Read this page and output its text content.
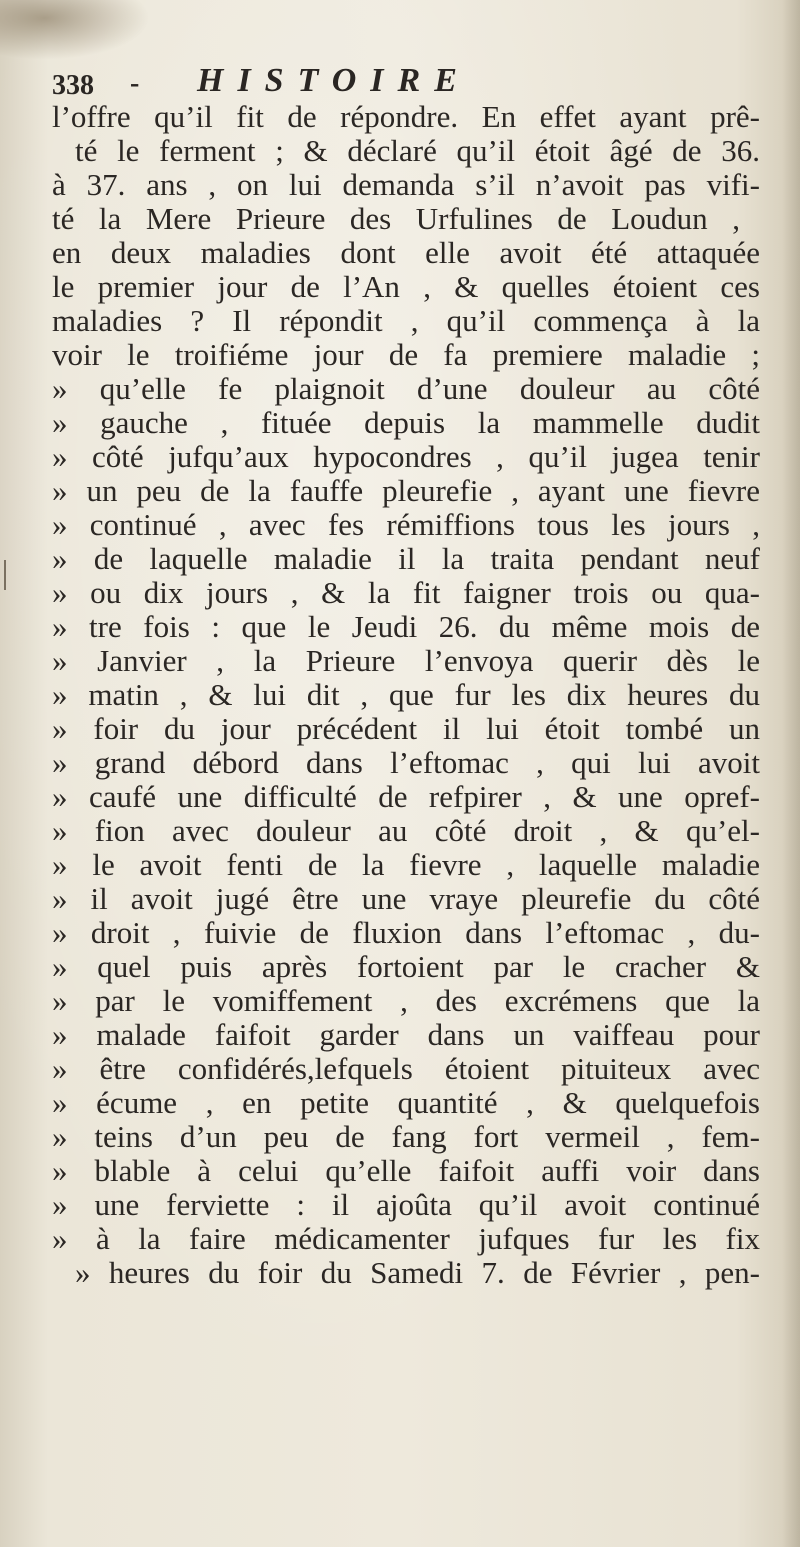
338 - HISTOIRE
l’offre qu’il fit de répondre. En effet ayant prê-
té le ferment ; & déclaré qu’il étoit âgé de 36.
à 37. ans , on lui demanda s’il n’avoit pas vifi-
té la Mere Prieure des Urfulines de Loudun ,
en deux maladies dont elle avoit été attaquée
le premier jour de l’An , & quelles étoient ces
maladies ? Il répondit , qu’il commença à la
voir le troifiéme jour de fa premiere maladie ;
» qu’elle fe plaignoit d’une douleur au côté
» gauche , fituée depuis la mammelle dudit
» côté jufqu’aux hypocondres , qu’il jugea tenir
» un peu de la fauffe pleurefie , ayant une fievre
» continué , avec fes rémiffions tous les jours ,
» de laquelle maladie il la traita pendant neuf
» ou dix jours , & la fit faigner trois ou qua-
» tre fois : que le Jeudi 26. du même mois de
» Janvier , la Prieure l’envoya querir dès le
» matin , & lui dit , que fur les dix heures du
» foir du jour précédent il lui étoit tombé un
» grand débord dans l’eftomac , qui lui avoit
» caufé une difficulté de refpirer , & une opref-
» fion avec douleur au côté droit , & qu’el-
» le avoit fenti de la fievre , laquelle maladie
» il avoit jugé être une vraye pleurefie du côté
» droit , fuivie de fluxion dans l’eftomac , du-
» quel puis après fortoient par le cracher &
» par le vomiffement , des excrémens que la
» malade faifoit garder dans un vaiffeau pour
» être confidérés,lefquels étoient pituiteux avec
» écume , en petite quantité , & quelquefois
» teins d’un peu de fang fort vermeil , fem-
» blable à celui qu’elle faifoit auffi voir dans
» une ferviette : il ajoûta qu’il avoit continué
» à la faire médicamenter jufques fur les fix
» heures du foir du Samedi 7. de Février , pen-
